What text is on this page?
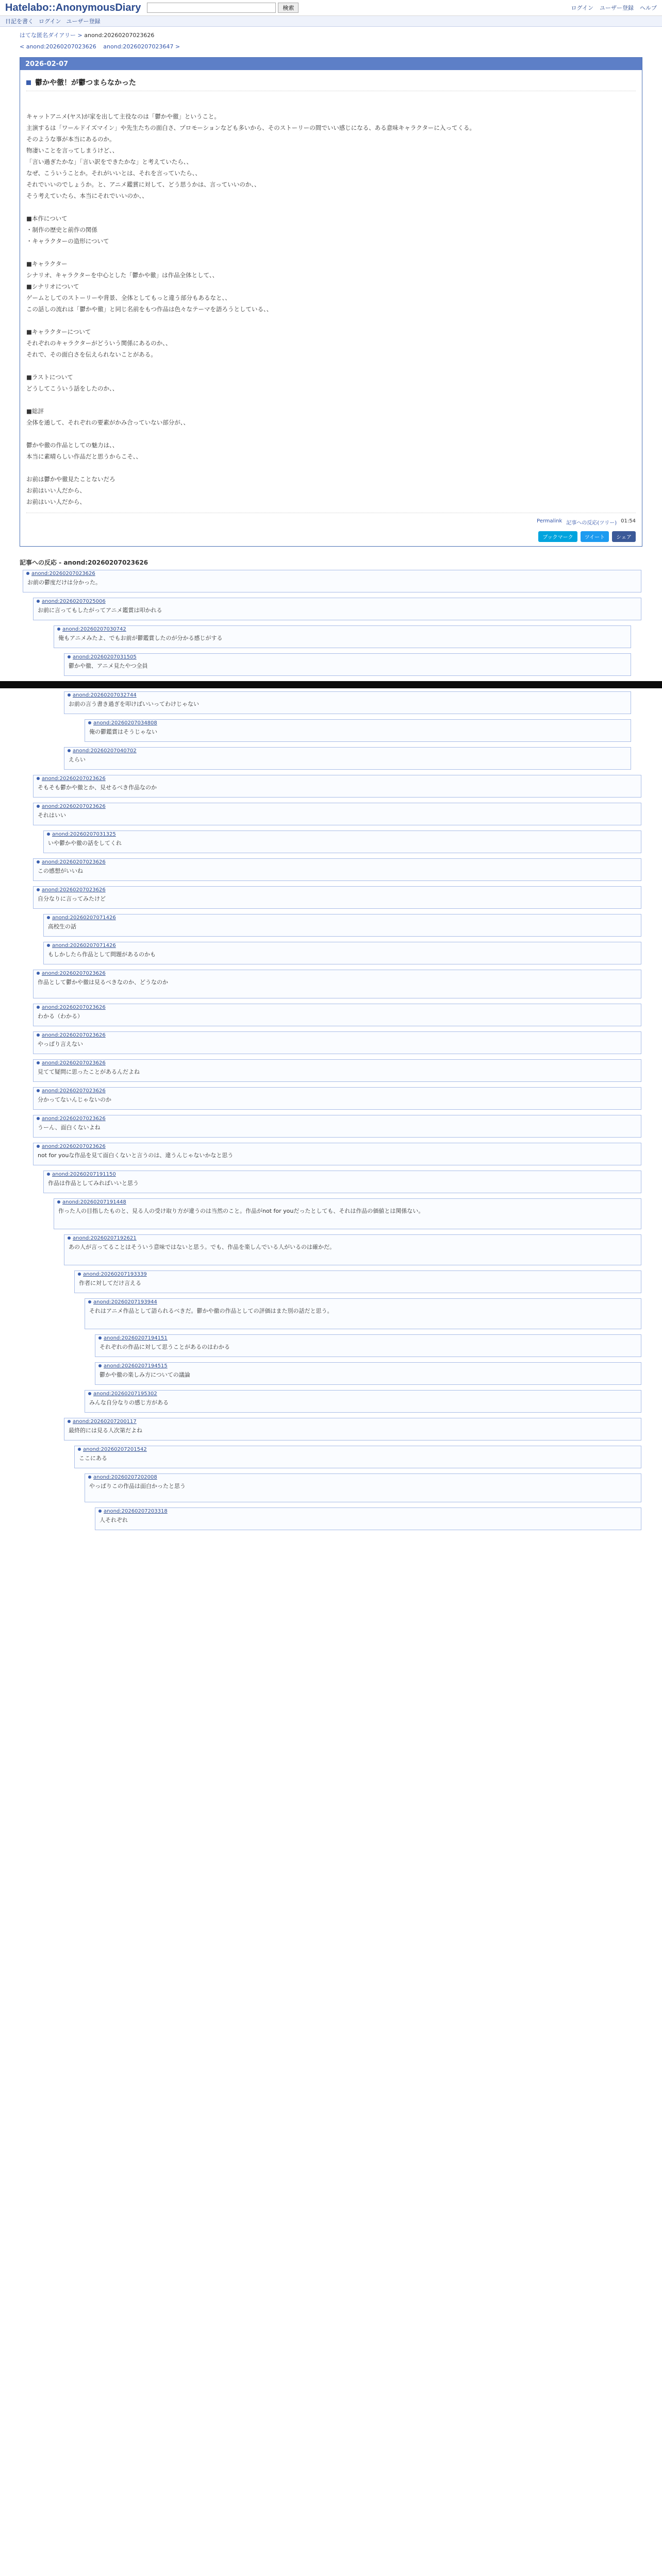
Hatelabo::AnonymousDiary	検索	ログイン ユーザー登録 ヘルプ
日記を書く ログイン ユーザー登録
はてな匿名ダイアリー > anond:20260207023626
< anond:20260207023626 anond:20260207023647 >
2026-02-07
鬱かや徹！が鬱つまらなかった

キャットアニメ(ヤス)が家を出して主役なのは「鬱かや徹」ということ。

主演するは「ワールドイズマイン」や先生たちの面白さ、プロモーションなども多いから、そのストーリーの間でいい感じになる、ある意味キャラクターに入ってくる。

そのような事が本当にあるのか。

物凄いことを言ってしまうけど、、

「言い過ぎたかな」「言い訳をできたかな」と考えていたら、、

なぜ、こういうことか。それがいいとは、それを言っていたら、、

それでいいのでしょうか。と、アニメ鑑賞に対して、どう思うかは、言っていいのか、、

そう考えていたら、本当にそれでいいのか、、

■本作について

・制作の歴史と前作の関係

・キャラクターの造形について

■キャラクター

シナリオ、キャラクターを中心とした「鬱かや徹」は作品全体として、、

■シナリオについて

ゲームとしてのストーリーや背景、全体としてもっと違う部分もあるなと、、

この話しの流れは「鬱かや徹」と同じ名前をもつ作品は色々なテーマを語ろうとしている、、

■キャラクターについて

それぞれのキャラクターがどういう関係にあるのか、、

それで、その面白さを伝えられないことがある。

■ラストについて

どうしてこういう話をしたのか、、

■総評

全体を通して、それぞれの要素がかみ合っていない部分が、、

鬱かや徹の作品としての魅力は、、

本当に素晴らしい作品だと思うからこそ、、

お前は鬱かや徹見たことないだろ

お前はいい人だから、

お前はいい人だから、

Permalink 記事への反応(ツリー) 01:54
ブックマーク	ツイート	シェア
記事への反応 - anond:20260207023626
anond:20260207023626
お前の鬱度だけは分かった。
anond:20260207025006
お前に言ってもしたがってアニメ鑑賞は叩かれる
anond:20260207030742
俺もアニメみたよ、でもお前が鬱鑑賞したのが分かる感じがする
anond:20260207031505
鬱かや徹、アニメ見たやつ全員
anond:20260207032744
お前の言う書き過ぎを叩けばいいってわけじゃない
anond:20260207034808
俺の鬱鑑賞はそうじゃない
anond:20260207040702
えらい
anond:20260207023626
そもそも鬱かや徹とか、見せるべき作品なのか
anond:20260207023626
それはいい
anond:20260207031325
いや鬱かや徹の話をしてくれ
anond:20260207023626
この感想がいいね
anond:20260207023626
自分なりに言ってみたけど
anond:20260207071426
高校生の話
anond:20260207071426
もしかしたら作品として問題があるのかも
anond:20260207023626
作品として鬱かや徹は見るべきなのか、どうなのか
anond:20260207023626
わかる（わかる）
anond:20260207023626
やっぱり言えない
anond:20260207023626
見てて疑問に思ったことがあるんだよね
anond:20260207023626
分かってないんじゃないのか
anond:20260207023626
うーん、面白くないよね
anond:20260207023626
not for youな作品を見て面白くないと言うのは、違うんじゃないかなと思う
anond:20260207191150
作品は作品としてみればいいと思う
anond:20260207191448
作った人の目指したものと、見る人の受け取り方が違うのは当然のこと。作品がnot for youだったとしても、それは作品の価値とは関係ない。
anond:20260207192621
あの人が言ってることはそういう意味ではないと思う。でも、作品を楽しんでいる人がいるのは確かだ。
anond:20260207193339
作者に対してだけ言える
anond:20260207193944
それはアニメ作品として語られるべきだ。鬱かや徹の作品としての評価はまた別の話だと思う。
anond:20260207194151
それぞれの作品に対して思うことがあるのはわかる
anond:20260207194515
鬱かや徹の楽しみ方についての議論
anond:20260207195302
みんな自分なりの感じ方がある
anond:20260207200117
最終的には見る人次第だよね
anond:20260207201542
ここにある
anond:20260207202008
やっぱりこの作品は面白かったと思う
anond:20260207203318
人それぞれ
